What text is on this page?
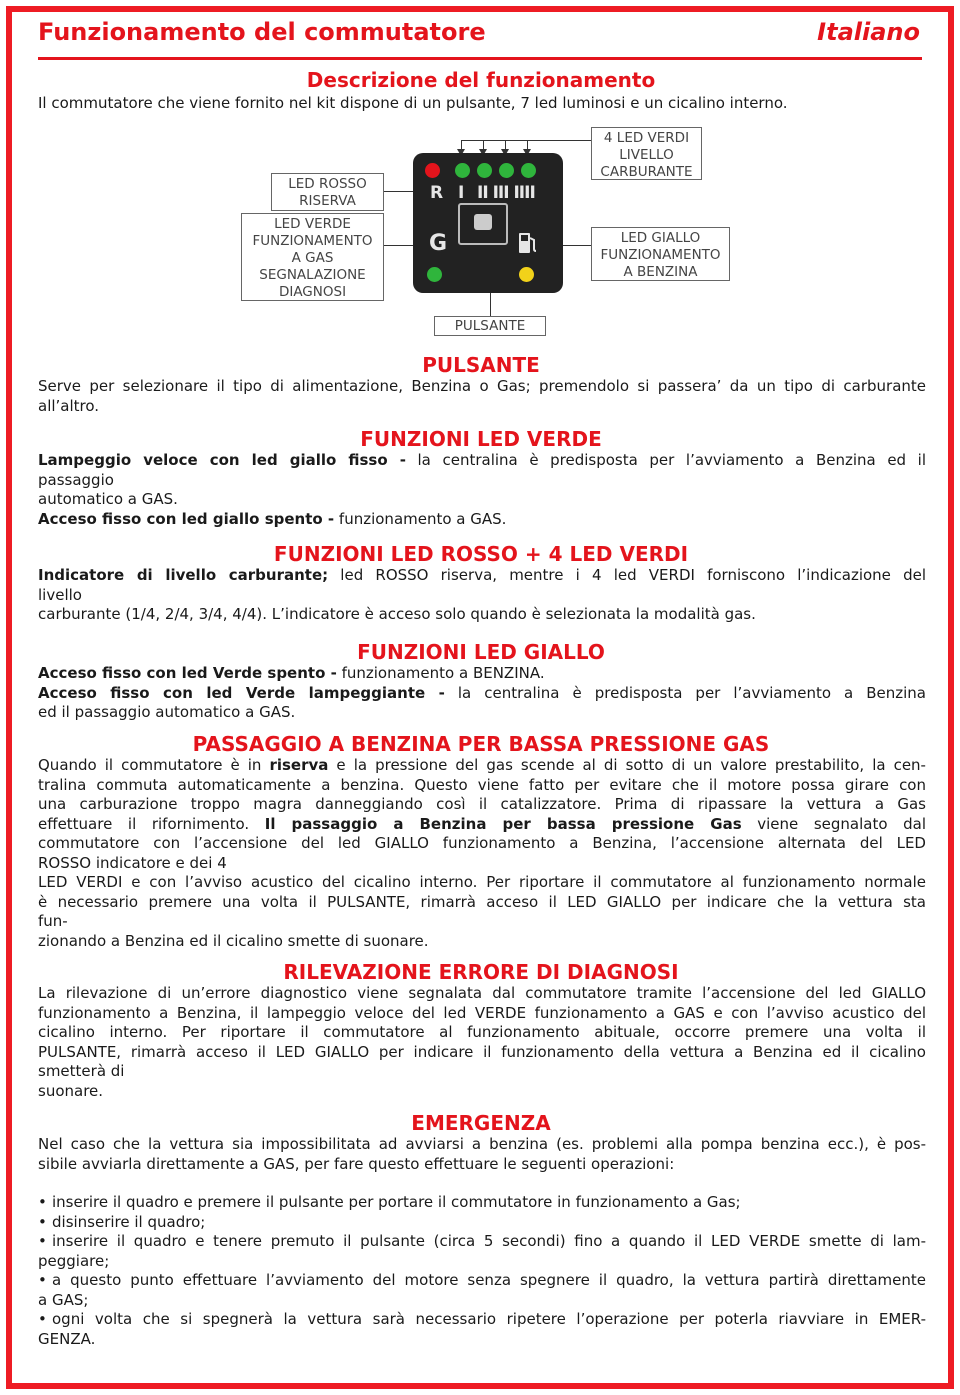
Funzionamento del commutatore	Italiano
Descrizione del funzionamento
Il commutatore che viene fornito nel kit dispone di un pulsante, 7 led luminosi e un cicalino interno.
LED ROSSO
RISERVA
LED VERDE
FUNZIONAMENTO
A GAS
SEGNALAZIONE
DIAGNOSI
4 LED VERDI
LIVELLO
CARBURANTE
LED GIALLO
FUNZIONAMENTO
A BENZINA
PULSANTE
R I II III IIII
G
PULSANTE
Serve per selezionare il tipo di alimentazione, Benzina o Gas; premendolo si passera’ da un tipo di carburante
all’altro.
FUNZIONI LED VERDE
Lampeggio veloce con led giallo fisso - la centralina è predisposta per l’avviamento a Benzina ed il
passaggio
automatico a GAS.
Acceso fisso con led giallo spento - funzionamento a GAS.
FUNZIONI LED ROSSO + 4 LED VERDI
Indicatore di livello carburante; led ROSSO riserva, mentre i 4 led VERDI forniscono l’indicazione del
livello
carburante (1/4, 2/4, 3/4, 4/4). L’indicatore è acceso solo quando è selezionata la modalità gas.
FUNZIONI LED GIALLO
Acceso fisso con led Verde spento - funzionamento a BENZINA.
Acceso fisso con led Verde lampeggiante - la centralina è predisposta per l’avviamento a Benzina
ed il passaggio automatico a GAS.
PASSAGGIO A BENZINA PER BASSA PRESSIONE GAS
Quando il commutatore è in riserva e la pressione del gas scende al di sotto di un valore prestabilito, la cen-
tralina commuta automaticamente a benzina. Questo viene fatto per evitare che il motore possa girare con
una carburazione troppo magra danneggiando così il catalizzatore. Prima di ripassare la vettura a Gas
effettuare il rifornimento. Il passaggio a Benzina per bassa pressione Gas viene segnalato dal
commutatore con l’accensione del led GIALLO funzionamento a Benzina, l’accensione alternata del LED
ROSSO indicatore e dei 4
LED VERDI e con l’avviso acustico del cicalino interno. Per riportare il commutatore al funzionamento normale
è necessario premere una volta il PULSANTE, rimarrà acceso il LED GIALLO per indicare che la vettura sta
fun-
zionando a Benzina ed il cicalino smette di suonare.
RILEVAZIONE ERRORE DI DIAGNOSI
La rilevazione di un’errore diagnostico viene segnalata dal commutatore tramite l’accensione del led GIALLO
funzionamento a Benzina, il lampeggio veloce del led VERDE funzionamento a GAS e con l’avviso acustico del
cicalino interno. Per riportare il commutatore al funzionamento abituale, occorre premere una volta il
PULSANTE, rimarrà acceso il LED GIALLO per indicare il funzionamento della vettura a Benzina ed il cicalino
smetterà di
suonare.
EMERGENZA
Nel caso che la vettura sia impossibilitata ad avviarsi a benzina (es. problemi alla pompa benzina ecc.), è pos-
sibile avviarla direttamente a GAS, per fare questo effettuare le seguenti operazioni:
• inserire il quadro e premere il pulsante per portare il commutatore in funzionamento a Gas;
• disinserire il quadro;
• inserire il quadro e tenere premuto il pulsante (circa 5 secondi) fino a quando il LED VERDE smette di lam-
peggiare;
• a questo punto effettuare l’avviamento del motore senza spegnere il quadro, la vettura partirà direttamente
a GAS;
• ogni volta che si spegnerà la vettura sarà necessario ripetere l’operazione per poterla riavviare in EMER-
GENZA.
